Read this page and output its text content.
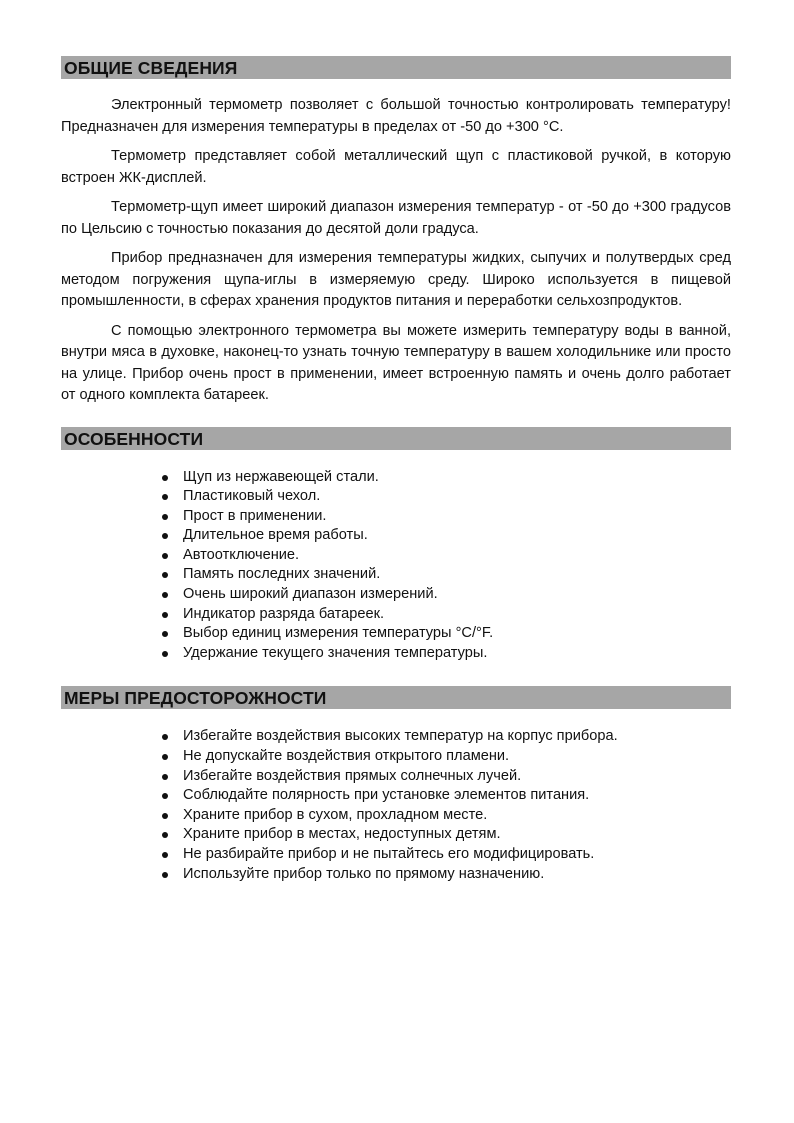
ОБЩИЕ СВЕДЕНИЯ

Электронный термометр позволяет с большой точностью контролировать температуру! Предназначен для измерения температуры в пределах от -50 до +300 °С.

Термометр представляет собой металлический щуп с пластиковой ручкой, в которую встроен ЖК-дисплей.

Термометр-щуп имеет широкий диапазон измерения температур - от -50 до +300 градусов по Цельсию с точностью показания до десятой доли градуса.

Прибор предназначен для измерения температуры жидких, сыпучих и полутвердых сред методом погружения щупа-иглы в измеряемую среду. Широко используется в пищевой промышленности, в сферах хранения продуктов питания и переработки сельхозпродуктов.

С помощью электронного термометра вы можете измерить температуру воды в ванной, внутри мяса в духовке, наконец-то узнать точную температуру в вашем холодильнике или просто на улице. Прибор очень прост в применении, имеет встроенную память и очень долго работает от одного комплекта батареек.

ОСОБЕННОСТИ
Щуп из нержавеющей стали.
Пластиковый чехол.
Прост в применении.
Длительное время работы.
Автоотключение.
Память последних значений.
Очень широкий диапазон измерений.
Индикатор разряда батареек.
Выбор единиц измерения температуры °С/°F.
Удержание текущего значения температуры.
МЕРЫ ПРЕДОСТОРОЖНОСТИ
Избегайте воздействия высоких температур на корпус прибора.
Не допускайте воздействия открытого пламени.
Избегайте воздействия прямых солнечных лучей.
Соблюдайте полярность при установке элементов питания.
Храните прибор в сухом, прохладном месте.
Храните прибор в местах, недоступных детям.
Не разбирайте прибор и не пытайтесь его модифицировать.
Используйте прибор только по прямому назначению.
